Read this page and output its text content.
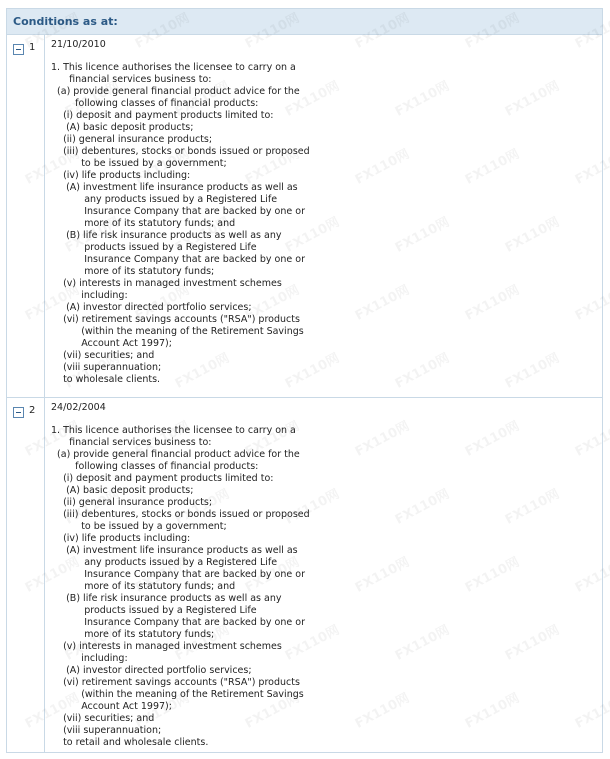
Conditions as at:
1 21/10/2010
1. This licence authorises the licensee to carry on a
financial services business to:
(a) provide general financial product advice for the
following classes of financial products:
(i) deposit and payment products limited to:
(A) basic deposit products;
(ii) general insurance products;
(iii) debentures, stocks or bonds issued or proposed
to be issued by a government;
(iv) life products including:
(A) investment life insurance products as well as
any products issued by a Registered Life
Insurance Company that are backed by one or
more of its statutory funds; and
(B) life risk insurance products as well as any
products issued by a Registered Life
Insurance Company that are backed by one or
more of its statutory funds;
(v) interests in managed investment schemes
including:
(A) investor directed portfolio services;
(vi) retirement savings accounts ("RSA") products
(within the meaning of the Retirement Savings
Account Act 1997);
(vii) securities; and
(viii superannuation;
to wholesale clients.
2 24/02/2004
1. This licence authorises the licensee to carry on a
financial services business to:
(a) provide general financial product advice for the
following classes of financial products:
(i) deposit and payment products limited to:
(A) basic deposit products;
(ii) general insurance products;
(iii) debentures, stocks or bonds issued or proposed
to be issued by a government;
(iv) life products including:
(A) investment life insurance products as well as
any products issued by a Registered Life
Insurance Company that are backed by one or
more of its statutory funds; and
(B) life risk insurance products as well as any
products issued by a Registered Life
Insurance Company that are backed by one or
more of its statutory funds;
(v) interests in managed investment schemes
including:
(A) investor directed portfolio services;
(vi) retirement savings accounts ("RSA") products
(within the meaning of the Retirement Savings
Account Act 1997);
(vii) securities; and
(viii superannuation;
to retail and wholesale clients.
